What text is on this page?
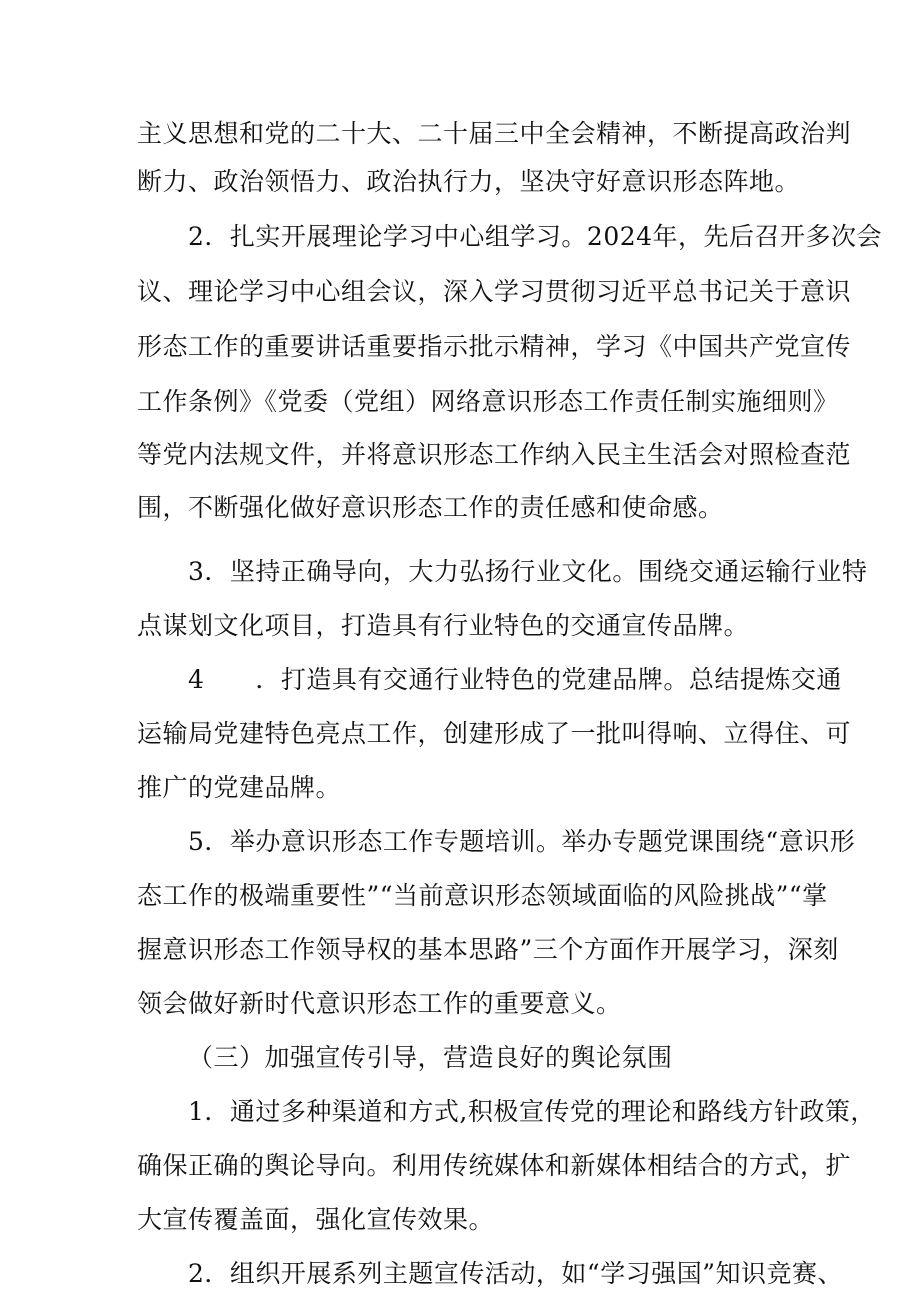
主义思想和党的二十大、二十届三中全会精神，不断提高政治判
断力、政治领悟力、政治执行力，坚决守好意识形态阵地。
2．扎实开展理论学习中心组学习。2024年，先后召开多次会
议、理论学习中心组会议，深入学习贯彻习近平总书记关于意识
形态工作的重要讲话重要指示批示精神，学习《中国共产党宣传
工作条例》《党委（党组）网络意识形态工作责任制实施细则》
等党内法规文件，并将意识形态工作纳入民主生活会对照检查范
围，不断强化做好意识形态工作的责任感和使命感。
3．坚持正确导向，大力弘扬行业文化。围绕交通运输行业特
点谋划文化项目，打造具有行业特色的交通宣传品牌。
4　　．打造具有交通行业特色的党建品牌。总结提炼交通
运输局党建特色亮点工作，创建形成了一批叫得响、立得住、可
推广的党建品牌。
5．举办意识形态工作专题培训。举办专题党课围绕“意识形
态工作的极端重要性”“当前意识形态领域面临的风险挑战”“掌
握意识形态工作领导权的基本思路”三个方面作开展学习，深刻
领会做好新时代意识形态工作的重要意义。
（三）加强宣传引导，营造良好的舆论氛围
1．通过多种渠道和方式,积极宣传党的理论和路线方针政策，
确保正确的舆论导向。利用传统媒体和新媒体相结合的方式，扩
大宣传覆盖面，强化宣传效果。
2．组织开展系列主题宣传活动，如“学习强国”知识竞赛、
